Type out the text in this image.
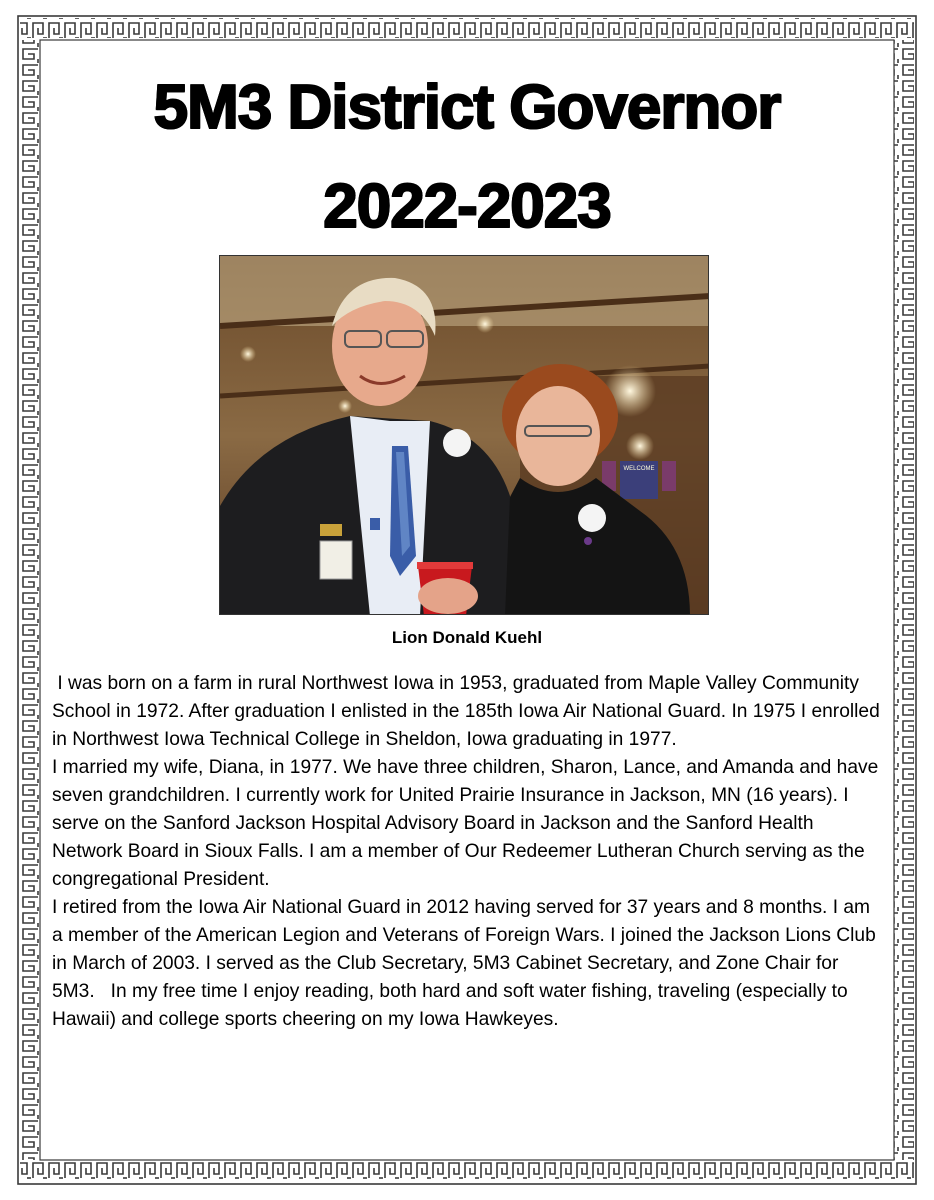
5M3 District Governor
2022-2023
WELCOME
Lion Donald Kuehl

I was born on a farm in rural Northwest Iowa in 1953, graduated from Maple Valley Community School in 1972. After graduation I enlisted in the 185th Iowa Air National Guard. In 1975 I enrolled in Northwest Iowa Technical College in Sheldon, Iowa graduating in 1977.

I married my wife, Diana, in 1977. We have three children, Sharon, Lance, and Amanda and have seven grandchildren. I currently work for United Prairie Insurance in Jackson, MN (16 years). I serve on the Sanford Jackson Hospital Advisory Board in Jackson and the Sanford Health Network Board in Sioux Falls. I am a member of Our Redeemer Lutheran Church serving as the congregational President.

I retired from the Iowa Air National Guard in 2012 having served for 37 years and 8 months. I am a member of the American Legion and Veterans of Foreign Wars. I joined the Jackson Lions Club in March of 2003. I served as the Club Secretary, 5M3 Cabinet Secretary, and Zone Chair for 5M3.   In my free time I enjoy reading, both hard and soft water fishing, traveling (especially to Hawaii) and college sports cheering on my Iowa Hawkeyes.
